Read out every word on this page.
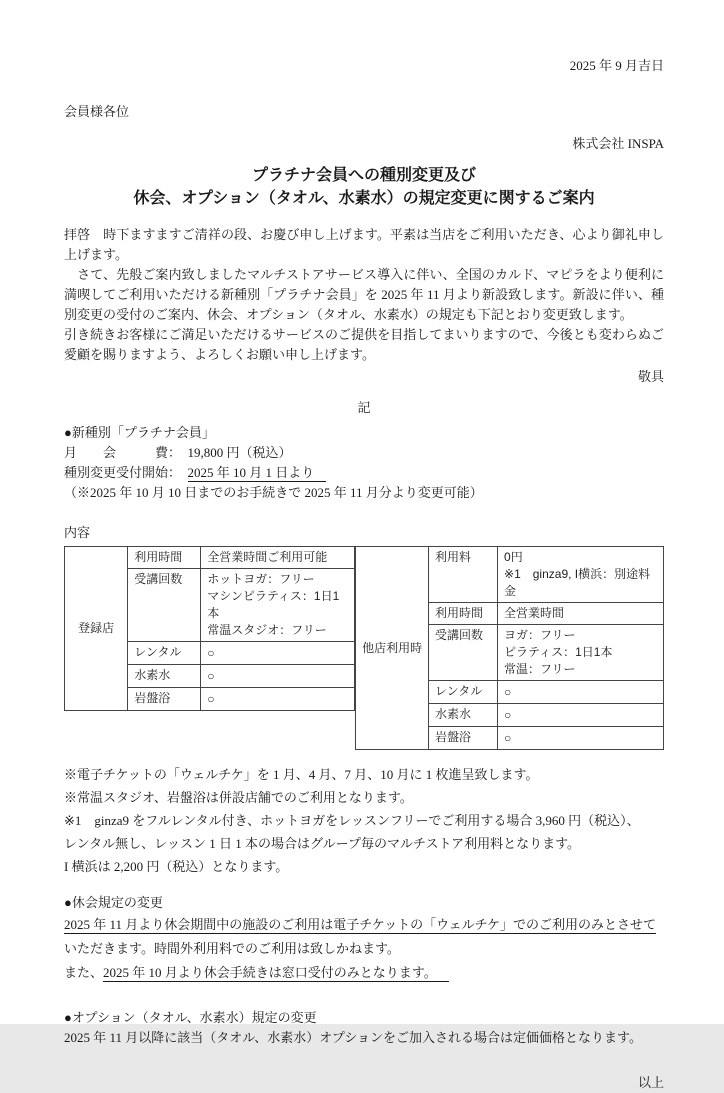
2025 年 9 月吉日
会員様各位
株式会社 INSPA
プラチナ会員への種別変更及び
休会、オプション（タオル、水素水）の規定変更に関するご案内

拝啓　時下ますますご清祥の段、お慶び申し上げます。平素は当店をご利用いただき、心より御礼申し上げます。

　さて、先般ご案内致しましたマルチストアサービス導入に伴い、全国のカルド、マピラをより便利に満喫してご利用いただける新種別「プラチナ会員」を 2025 年 11 月より新設致します。新設に伴い、種別変更の受付のご案内、休会、オプション（タオル、水素水）の規定も下記とおり変更致します。

引き続きお客様にご満足いただけるサービスのご提供を目指してまいりますので、今後とも変わらぬご愛顧を賜りますよう、よろしくお願い申し上げます。

敬具
記
●新種別「プラチナ会員」
月　　会　　　費：　 19,800 円（税込）
種別変更受付開始：　 2025 年 10 月 1 日より
（※2025 年 10 月 10 日までのお手続きで 2025 年 11 月分より変更可能）
内容
登録店	利用時間	全営業時間ご利用可能
	受講回数	ホットヨガ：フリー
マシンピラティス：1日1本
常温スタジオ：フリー

	レンタル	○
	水素水	○
	岩盤浴	○
他店利用時	利用料	0円
※1　ginza9, I横浜：別途料金

	利用時間	全営業時間
	受講回数	ヨガ：フリー
ピラティス：1日1本
常温：フリー

	レンタル	○
	水素水	○
	岩盤浴	○
※電子チケットの「ウェルチケ」を 1 月、4 月、7 月、10 月に 1 枚進呈致します。
※常温スタジオ、岩盤浴は併設店舗でのご利用となります。
※1　ginza9 をフルレンタル付き、ホットヨガをレッスンフリーでご利用する場合 3,960 円（税込）、
レンタル無し、レッスン 1 日 1 本の場合はグループ毎のマルチストア利用料となります。
I 横浜は 2,200 円（税込）となります。
●休会規定の変更
2025 年 11 月より休会期間中の施設のご利用は電子チケットの「ウェルチケ」でのご利用のみとさせて
いただきます。時間外利用料でのご利用は致しかねます。
また、2025 年 10 月より休会手続きは窓口受付のみとなります。
●オプション（タオル、水素水）規定の変更
2025 年 11 月以降に該当（タオル、水素水）オプションをご加入される場合は定価価格となります。
以上
